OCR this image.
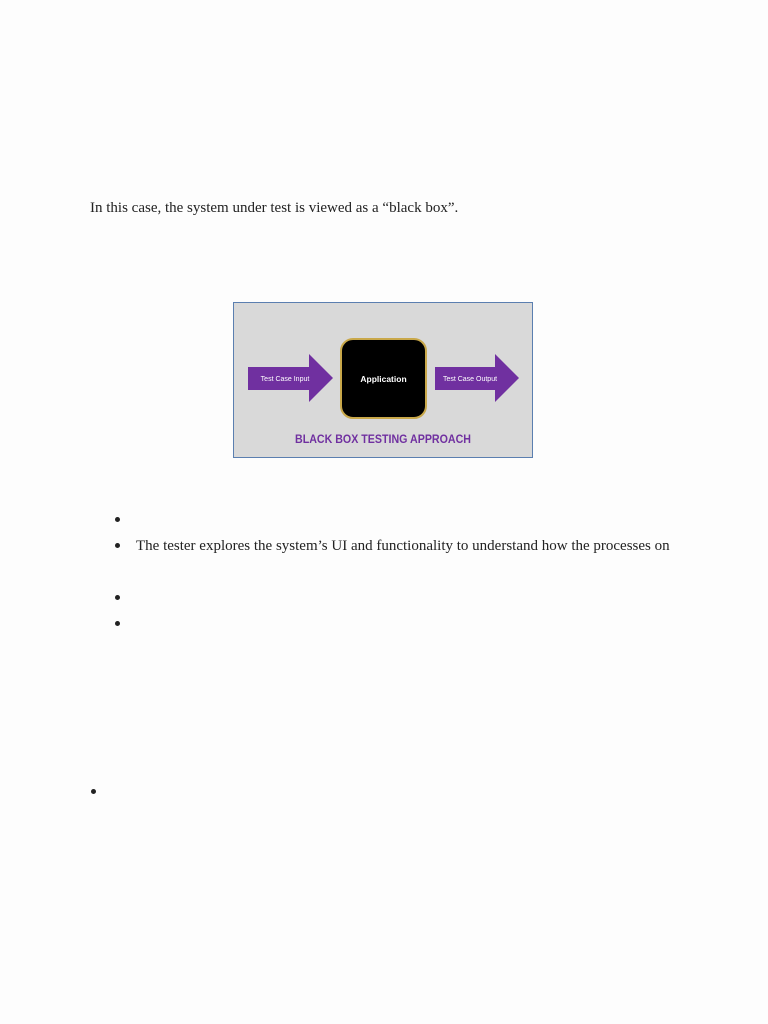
In this case, the system under test is viewed as a “black box”.

Test Case Input	Application	Test Case Output
BLACK BOX TESTING APPROACH

The tester explores the system’s UI and functionality to understand how the processes on
